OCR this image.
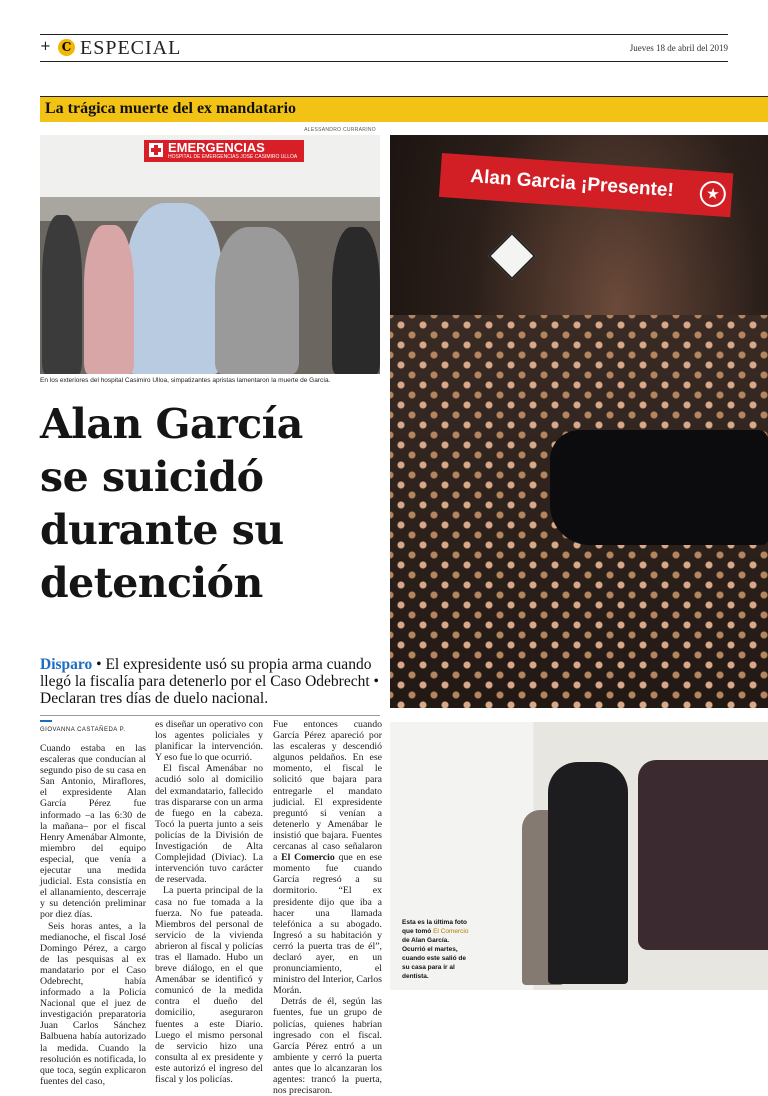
+ C ESPECIAL	Jueves 18 de abril del 2019
La trágica muerte del ex mandatario
ALESSANDRO CURRARINO
EMERGENCIAS
HOSPITAL DE EMERGENCIAS JOSÉ CASIMIRO ULLOA
En los exteriores del hospital Casimiro Ulloa, simpatizantes apristas lamentaron la muerte de García.
Alan Garcia ¡Presente!	★
Alan García
se suicidó
durante su
detención
Disparo • El expresidente usó su propia arma cuando llegó la fiscalía para detenerlo por el Caso Odebrecht • Declaran tres días de duelo nacional.
GIOVANNA CASTAÑEDA P.

Cuando estaba en las escaleras que conducían al segundo piso de su casa en San Antonio, Miraflores, el expresidente Alan García Pérez fue informado –a las 6:30 de la mañana– por el fiscal Henry Amenábar Almonte, miembro del equipo especial, que venía a ejecutar una medida judicial. Esta consistía en el allanamiento, descerraje y su detención preliminar por diez días.

Seis horas antes, a la medianoche, el fiscal José Domingo Pérez, a cargo de las pesquisas al ex mandatario por el Caso Odebrecht, había informado a la Policía Nacional que el juez de investigación preparatoria Juan Carlos Sánchez Balbuena había autorizado la medida. Cuando la resolución es notificada, lo que toca, según explicaron fuentes del caso,

es diseñar un operativo con los agentes policiales y planificar la intervención. Y eso fue lo que ocurrió.

El fiscal Amenábar no acudió solo al domicilio del exmandatario, fallecido tras dispararse con un arma de fuego en la cabeza. Tocó la puerta junto a seis policías de la División de Investigación de Alta Complejidad (Diviac). La intervención tuvo carácter de reservada.

La puerta principal de la casa no fue tomada a la fuerza. No fue pateada. Miembros del personal de servicio de la vivienda abrieron al fiscal y policías tras el llamado. Hubo un breve diálogo, en el que Amenábar se identificó y comunicó de la medida contra el dueño del domicilio, aseguraron fuentes a este Diario. Luego el mismo personal de servicio hizo una consulta al ex presidente y este autorizó el ingreso del fiscal y los policías.

Fue entonces cuando García Pérez apareció por las escaleras y descendió algunos peldaños. En ese momento, el fiscal le solicitó que bajara para entregarle el mandato judicial. El expresidente preguntó si venían a detenerlo y Amenábar le insistió que bajara. Fuentes cercanas al caso señalaron a El Comercio que en ese momento fue cuando García regresó a su dormitorio. “El ex presidente dijo que iba a hacer una llamada telefónica a su abogado. Ingresó a su habitación y cerró la puerta tras de él”, declaró ayer, en un pronunciamiento, el ministro del Interior, Carlos Morán.

Detrás de él, según las fuentes, fue un grupo de policías, quienes habrían ingresado con el fiscal. García Pérez entró a un ambiente y cerró la puerta antes que lo alcanzaran los agentes: trancó la puerta, nos precisaron.

Esta es la última foto que tomó El Comercio de Alan García. Ocurrió el martes, cuando este salió de su casa para ir al dentista.
